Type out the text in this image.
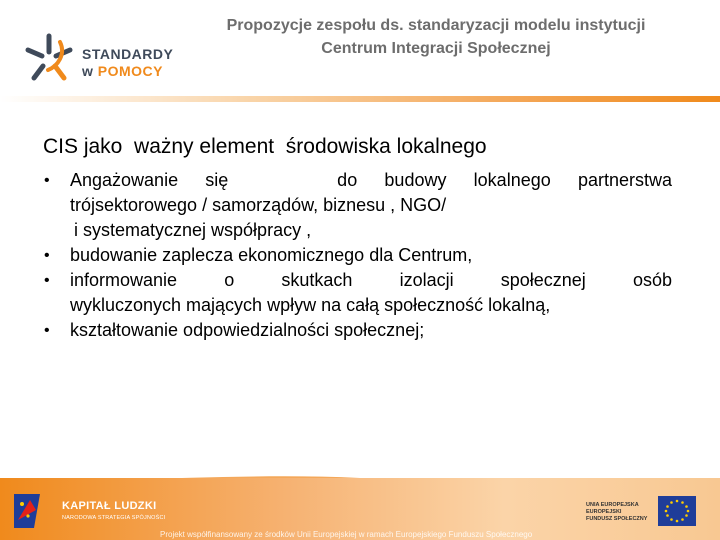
STANDARDY
w POMOCY
Propozycje zespołu ds. standaryzacji modelu instytucji
Centrum Integracji Społecznej
CIS jako  ważny element  środowiska lokalnego
• Angażowanie się    do budowy lokalnego partnerstwa
trójsektorowego / samorządów, biznesu , NGO/
i systematycznej współpracy ,
• budowanie zaplecza ekonomicznego dla Centrum,
• informowanie o skutkach izolacji społecznej osób
wykluczonych mających wpływ na całą społeczność lokalną,
• kształtowanie odpowiedzialności społecznej;
KAPITAŁ LUDZKI
NARODOWA STRATEGIA SPÓJNOŚCI
Projekt współfinansowany ze środków Unii Europejskiej w ramach Europejskiego Funduszu Społecznego
UNIA EUROPEJSKA
EUROPEJSKI
FUNDUSZ SPOŁECZNY
